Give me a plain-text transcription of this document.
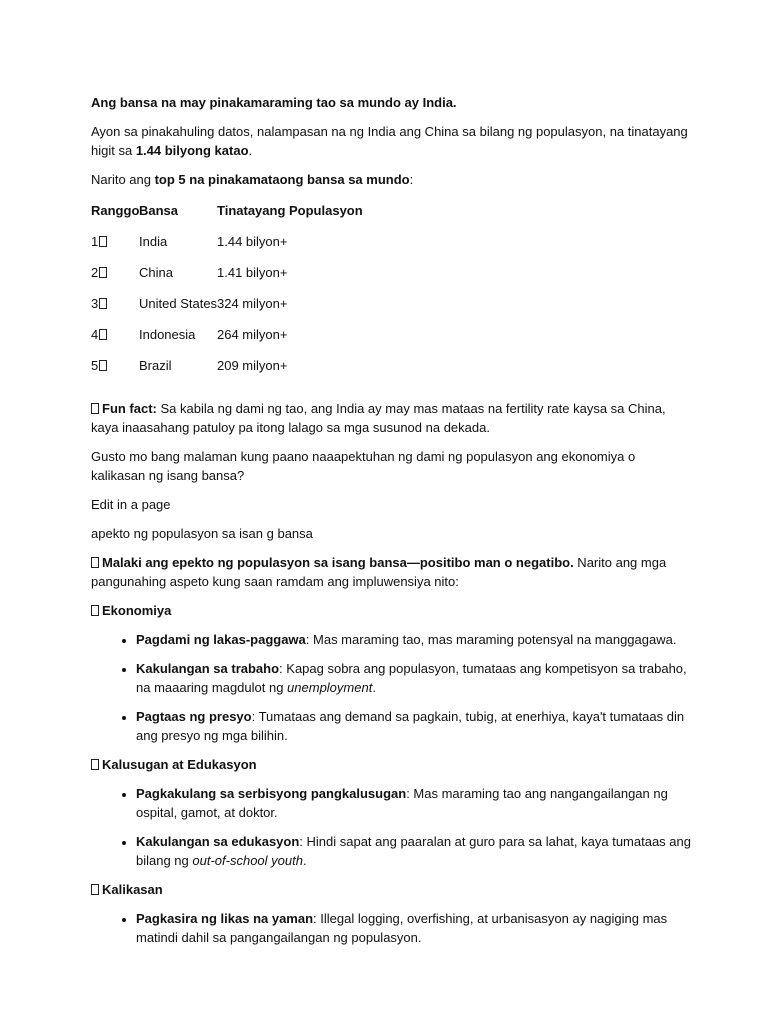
Ang bansa na may pinakamaraming tao sa mundo ay India.

Ayon sa pinakahuling datos, nalampasan na ng India ang China sa bilang ng populasyon, na tinatayang higit sa 1.44 bilyong katao.

Narito ang top 5 na pinakamataong bansa sa mundo:

Ranggo Bansa	Tinatayang Populasyon
1	India	1.44 bilyon+
2	China	1.41 bilyon+
3	United States 324 milyon+
4	Indonesia	264 milyon+
5	Brazil	209 milyon+

Fun fact: Sa kabila ng dami ng tao, ang India ay may mas mataas na fertility rate kaysa sa China, kaya inaasahang patuloy pa itong lalago sa mga susunod na dekada.

Gusto mo bang malaman kung paano naaapektuhan ng dami ng populasyon ang ekonomiya o kalikasan ng isang bansa?

Edit in a page

apekto ng populasyon sa isan g bansa

Malaki ang epekto ng populasyon sa isang bansa—positibo man o negatibo. Narito ang mga pangunahing aspeto kung saan ramdam ang impluwensiya nito:

Ekonomiya
• Pagdami ng lakas-paggawa: Mas maraming tao, mas maraming potensyal na manggagawa.
• Kakulangan sa trabaho: Kapag sobra ang populasyon, tumataas ang kompetisyon sa trabaho, na maaaring magdulot ng unemployment.
• Pagtaas ng presyo: Tumataas ang demand sa pagkain, tubig, at enerhiya, kaya't tumataas din ang presyo ng mga bilihin.
Kalusugan at Edukasyon
• Pagkakulang sa serbisyong pangkalusugan: Mas maraming tao ang nangangailangan ng ospital, gamot, at doktor.
• Kakulangan sa edukasyon: Hindi sapat ang paaralan at guro para sa lahat, kaya tumataas ang bilang ng out-of-school youth.
Kalikasan
• Pagkasira ng likas na yaman: Illegal logging, overfishing, at urbanisasyon ay nagiging mas matindi dahil sa pangangailangan ng populasyon.
